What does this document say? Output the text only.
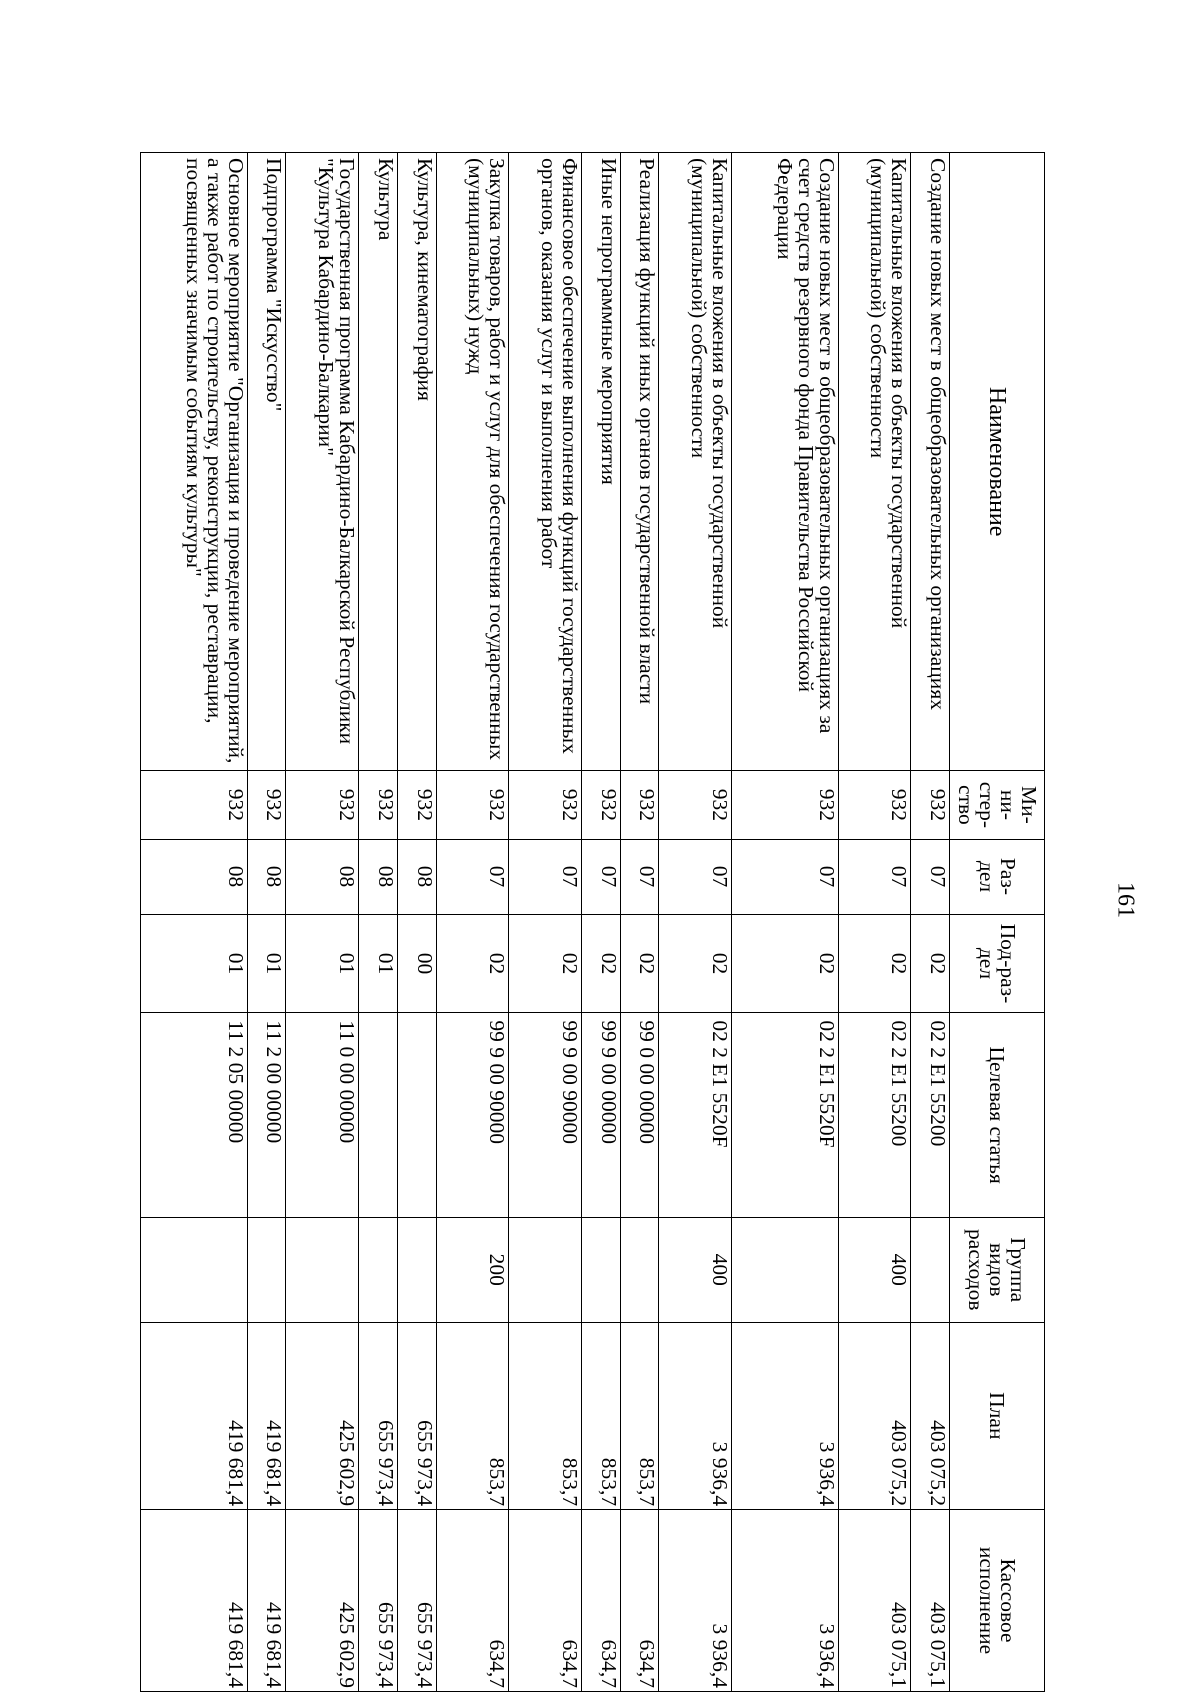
161
Наименование	Ми-ни-стер-ство	Раз-дел	Под-раз-дел	Целевая статья	Группа видов расходов	План	Кассовое исполнение
Создание новых мест в общеобразовательных организациях	932	07	02	02 2 E1 55200		403 075,2	403 075,1
Капитальные вложения в объекты государственной (муниципальной) собственности	932	07	02	02 2 E1 55200	400	403 075,2	403 075,1
Создание новых мест в общеобразовательных организациях за счет средств резервного фонда Правительства Российской Федерации	932	07	02	02 2 E1 5520F		3 936,4	3 936,4
Капитальные вложения в объекты государственной (муниципальной) собственности	932	07	02	02 2 E1 5520F	400	3 936,4	3 936,4
Реализация функций иных органов государственной власти	932	07	02	99 0 00 00000		853,7	634,7
Иные непрограммные мероприятия	932	07	02	99 9 00 00000		853,7	634,7
Финансовое обеспечение выполнения функций государственных органов, оказания услуг и выполнения работ	932	07	02	99 9 00 90000		853,7	634,7
Закупка товаров, работ и услуг для обеспечения государственных (муниципальных) нужд	932	07	02	99 9 00 90000	200	853,7	634,7
Культура, кинематография	932	08	00			655 973,4	655 973,4
Культура	932	08	01			655 973,4	655 973,4
Государственная программа Кабардино-Балкарской Республики "Культура Кабардино-Балкарии"	932	08	01	11 0 00 00000		425 602,9	425 602,9
Подпрограмма "Искусство"	932	08	01	11 2 00 00000		419 681,4	419 681,4
Основное мероприятие "Организация и проведение мероприятий, а также работ по строительству, реконструкции, реставрации, посвященных значимым событиям культуры"	932	08	01	11 2 05 00000		419 681,4	419 681,4
